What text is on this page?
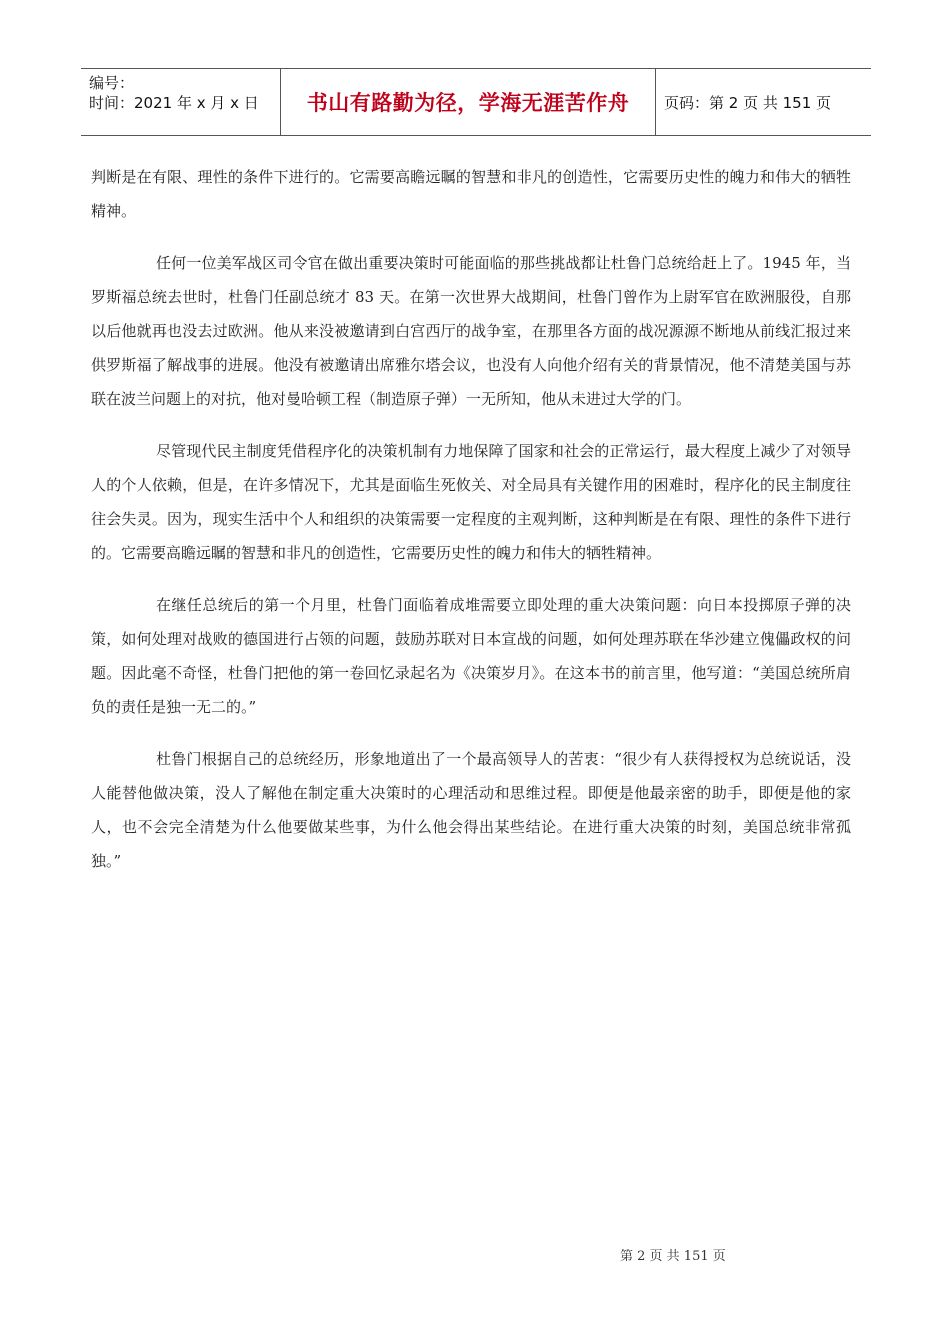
编号：
时间：2021 年 x 月 x 日	书山有路勤为径，学海无涯苦作舟 页码：第 2 页 共 151 页

判断是在有限、理性的条件下进行的。它需要高瞻远瞩的智慧和非凡的创造性，它需要历史性的魄力和伟大的牺牲精神。

任何一位美军战区司令官在做出重要决策时可能面临的那些挑战都让杜鲁门总统给赶上了。1945 年，当罗斯福总统去世时，杜鲁门任副总统才 83 天。在第一次世界大战期间，杜鲁门曾作为上尉军官在欧洲服役，自那以后他就再也没去过欧洲。他从来没被邀请到白宫西厅的战争室，在那里各方面的战况源源不断地从前线汇报过来供罗斯福了解战事的进展。他没有被邀请出席雅尔塔会议，也没有人向他介绍有关的背景情况，他不清楚美国与苏联在波兰问题上的对抗，他对曼哈顿工程（制造原子弹）一无所知，他从未进过大学的门。

尽管现代民主制度凭借程序化的决策机制有力地保障了国家和社会的正常运行，最大程度上减少了对领导人的个人依赖，但是，在许多情况下，尤其是面临生死攸关、对全局具有关键作用的困难时，程序化的民主制度往往会失灵。因为，现实生活中个人和组织的决策需要一定程度的主观判断，这种判断是在有限、理性的条件下进行的。它需要高瞻远瞩的智慧和非凡的创造性，它需要历史性的魄力和伟大的牺牲精神。

在继任总统后的第一个月里，杜鲁门面临着成堆需要立即处理的重大决策问题：向日本投掷原子弹的决策，如何处理对战败的德国进行占领的问题，鼓励苏联对日本宣战的问题，如何处理苏联在华沙建立傀儡政权的问题。因此毫不奇怪，杜鲁门把他的第一卷回忆录起名为《决策岁月》。在这本书的前言里，他写道：“美国总统所肩负的责任是独一无二的。”

杜鲁门根据自己的总统经历，形象地道出了一个最高领导人的苦衷：“很少有人获得授权为总统说话，没人能替他做决策，没人了解他在制定重大决策时的心理活动和思维过程。即便是他最亲密的助手，即便是他的家人，也不会完全清楚为什么他要做某些事，为什么他会得出某些结论。在进行重大决策的时刻，美国总统非常孤独。”

第 2 页 共 151 页
